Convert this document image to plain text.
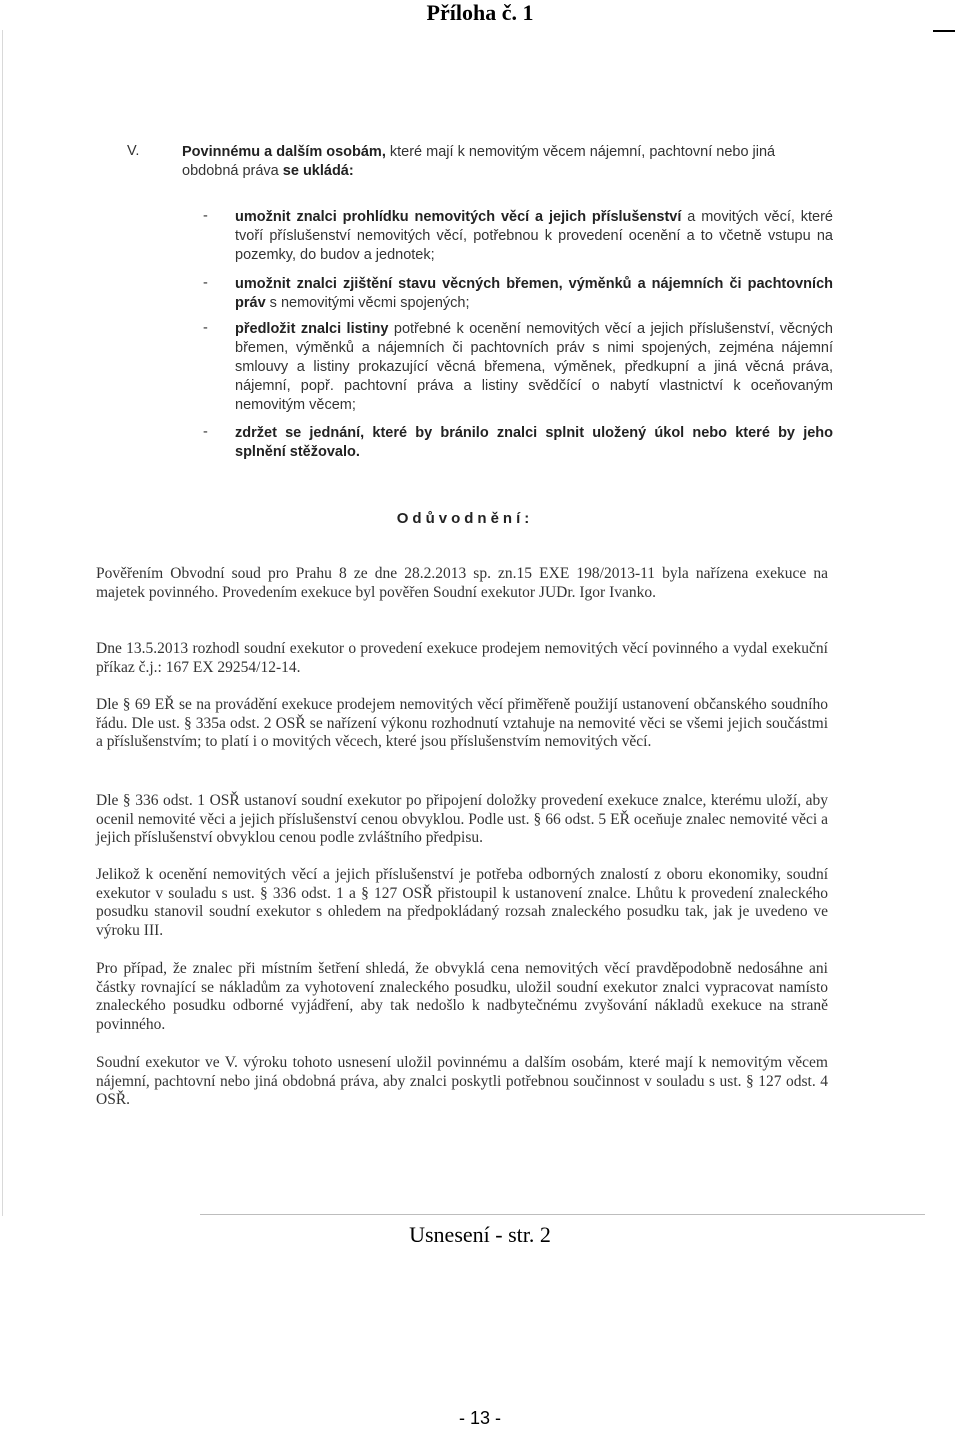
Příloha č. 1
V.	Povinnému a dalším osobám, které mají k nemovitým věcem nájemní, pachtovní nebo jiná obdobná práva se ukládá:
- umožnit znalci prohlídku nemovitých věcí a jejich příslušenství a movitých věcí, které tvoří příslušenství nemovitých věcí, potřebnou k provedení ocenění a to včetně vstupu na pozemky, do budov a jednotek;
- umožnit znalci zjištění stavu věcných břemen, výměnků a nájemních či pachtovních práv s nemovitými věcmi spojených;
- předložit znalci listiny potřebné k ocenění nemovitých věcí a jejich příslušenství, věcných břemen, výměnků a nájemních či pachtovních práv s nimi spojených, zejména nájemní smlouvy a listiny prokazující věcná břemena, výměnek, předkupní a jiná věcná práva, nájemní, popř. pachtovní práva a listiny svědčící o nabytí vlastnictví k oceňovaným nemovitým věcem;
- zdržet se jednání, které by bránilo znalci splnit uložený úkol nebo které by jeho splnění stěžovalo.
Odůvodnění:
Pověřením Obvodní soud pro Prahu 8 ze dne 28.2.2013 sp. zn.15 EXE 198/2013-11 byla nařízena exekuce na majetek povinného. Provedením exekuce byl pověřen Soudní exekutor JUDr. Igor Ivanko.
Dne 13.5.2013 rozhodl soudní exekutor o provedení exekuce prodejem nemovitých věcí povinného a vydal exekuční příkaz č.j.: 167 EX 29254/12-14.
Dle § 69 EŘ se na provádění exekuce prodejem nemovitých věcí přiměřeně použijí ustanovení občanského soudního řádu. Dle ust. § 335a odst. 2 OSŘ se nařízení výkonu rozhodnutí vztahuje na nemovité věci se všemi jejich součástmi a příslušenstvím; to platí i o movitých věcech, které jsou příslušenstvím nemovitých věcí.
Dle § 336 odst. 1 OSŘ ustanoví soudní exekutor po připojení doložky provedení exekuce znalce, kterému uloží, aby ocenil nemovité věci a jejich příslušenství cenou obvyklou. Podle ust. § 66 odst. 5 EŘ oceňuje znalec nemovité věci a jejich příslušenství obvyklou cenou podle zvláštního předpisu.
Jelikož k ocenění nemovitých věcí a jejich příslušenství je potřeba odborných znalostí z oboru ekonomiky, soudní exekutor v souladu s ust. § 336 odst. 1 a § 127 OSŘ přistoupil k ustanovení znalce. Lhůtu k provedení znaleckého posudku stanovil soudní exekutor s ohledem na předpokládaný rozsah znaleckého posudku tak, jak je uvedeno ve výroku III.
Pro případ, že znalec při místním šetření shledá, že obvyklá cena nemovitých věcí pravděpodobně nedosáhne ani částky rovnající se nákladům za vyhotovení znaleckého posudku, uložil soudní exekutor znalci vypracovat namísto znaleckého posudku odborné vyjádření, aby tak nedošlo k nadbytečnému zvyšování nákladů exekuce na straně povinného.
Soudní exekutor ve V. výroku tohoto usnesení uložil povinnému a dalším osobám, které mají k nemovitým věcem nájemní, pachtovní nebo jiná obdobná práva, aby znalci poskytli potřebnou součinnost v souladu s ust. § 127 odst. 4 OSŘ.
Usnesení - str. 2
- 13 -
